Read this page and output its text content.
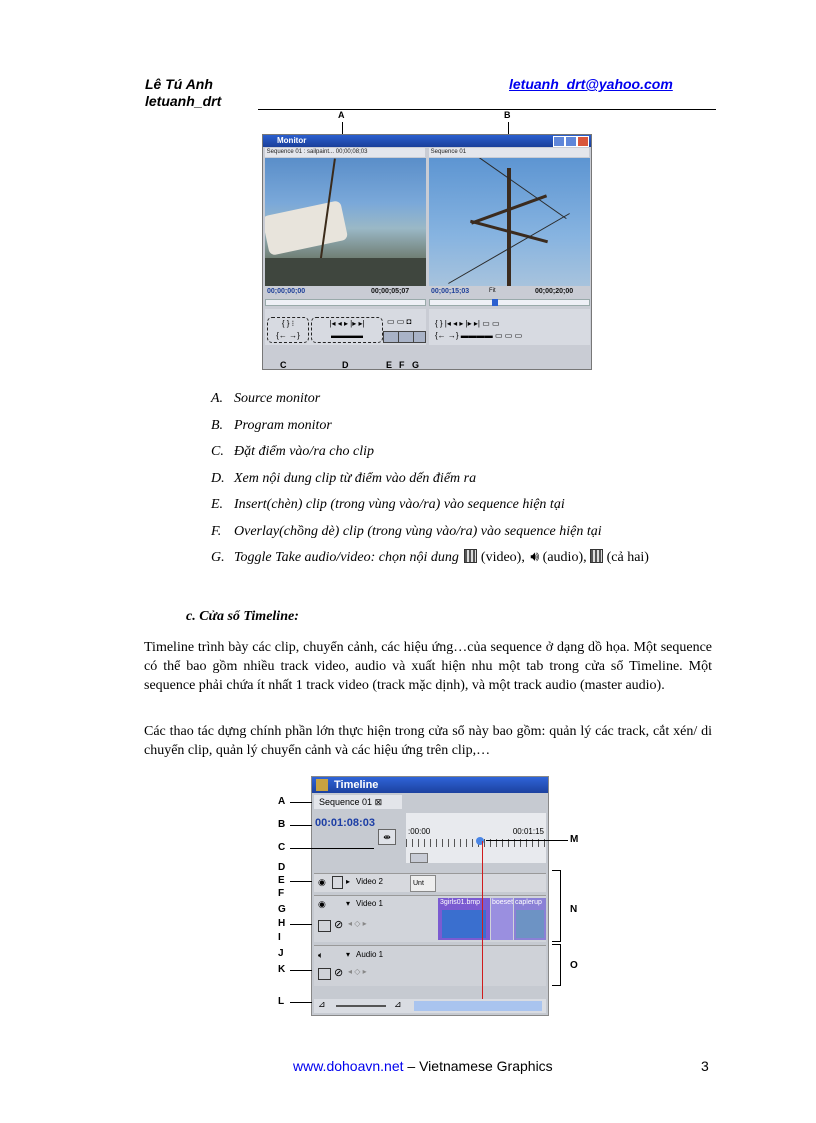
Lê Tú Anh
letuanh_drt
letuanh_drt@yahoo.com
A	B
Monitor
Sequence 01 : sailpaint... 00;00;08;03	Sequence 01
00;00;00;00	00;00;05;07	00;00;15;03	Fit	00;00;20;00
{ } ⁝
{← →}
|◂ ◂ ▸ |▸ ▸|
▬▬▬▬
▭ ▭ ◘	{ } |◂ ◂ ▸ |▸ ▸| ▭ ▭
{← →} ▬▬▬▬ ▭ ▭ ▭
C	D	E F G
A. Source monitor
B. Program monitor
C. Đặt điểm vào/ra cho clip
D. Xem nội dung clip từ điểm vào dến điểm ra
E. Insert(chèn) clip (trong vùng vào/ra) vào sequence hiện tại
F. Overlay(chồng dè) clip (trong vùng vào/ra) vào sequence hiện tại
G. Toggle Take audio/video: chọn nội dung (video), 🔊︎ (audio), (cả hai)
c. Cửa sổ Timeline:
Timeline trình bày các clip, chuyển cảnh, các hiệu ứng…của sequence ở dạng dồ họa. Một sequence có thể bao gồm nhiều track video, audio và xuất hiện nhu một tab trong cửa sổ Timeline. Một sequence phải chứa ít nhất 1 track video (track mặc dịnh), và một track audio (master audio).
Các thao tác dựng chính phần lớn thực hiện trong cửa sổ này bao gồm: quản lý các track, cắt xén/ di chuyển clip, quản lý chuyển cảnh và các hiệu ứng trên clip,…
Timeline
Sequence 01 ⊠
00:01:08:03
:00:00	00:01:15
⇼
◉	▸ Video 2	Unt
◉	▾ Video 1
⊘ ◂ ◇ ▸
3girls01.bmp boeset caplerup
🔈︎	▾ Audio 1
⊘ ◂ ◇ ▸
⊿	⊿
A
B
C
D
E
F
G
H
I
J
K
L
M
N
O
www.dohoavn.net – Vietnamese Graphics	3
